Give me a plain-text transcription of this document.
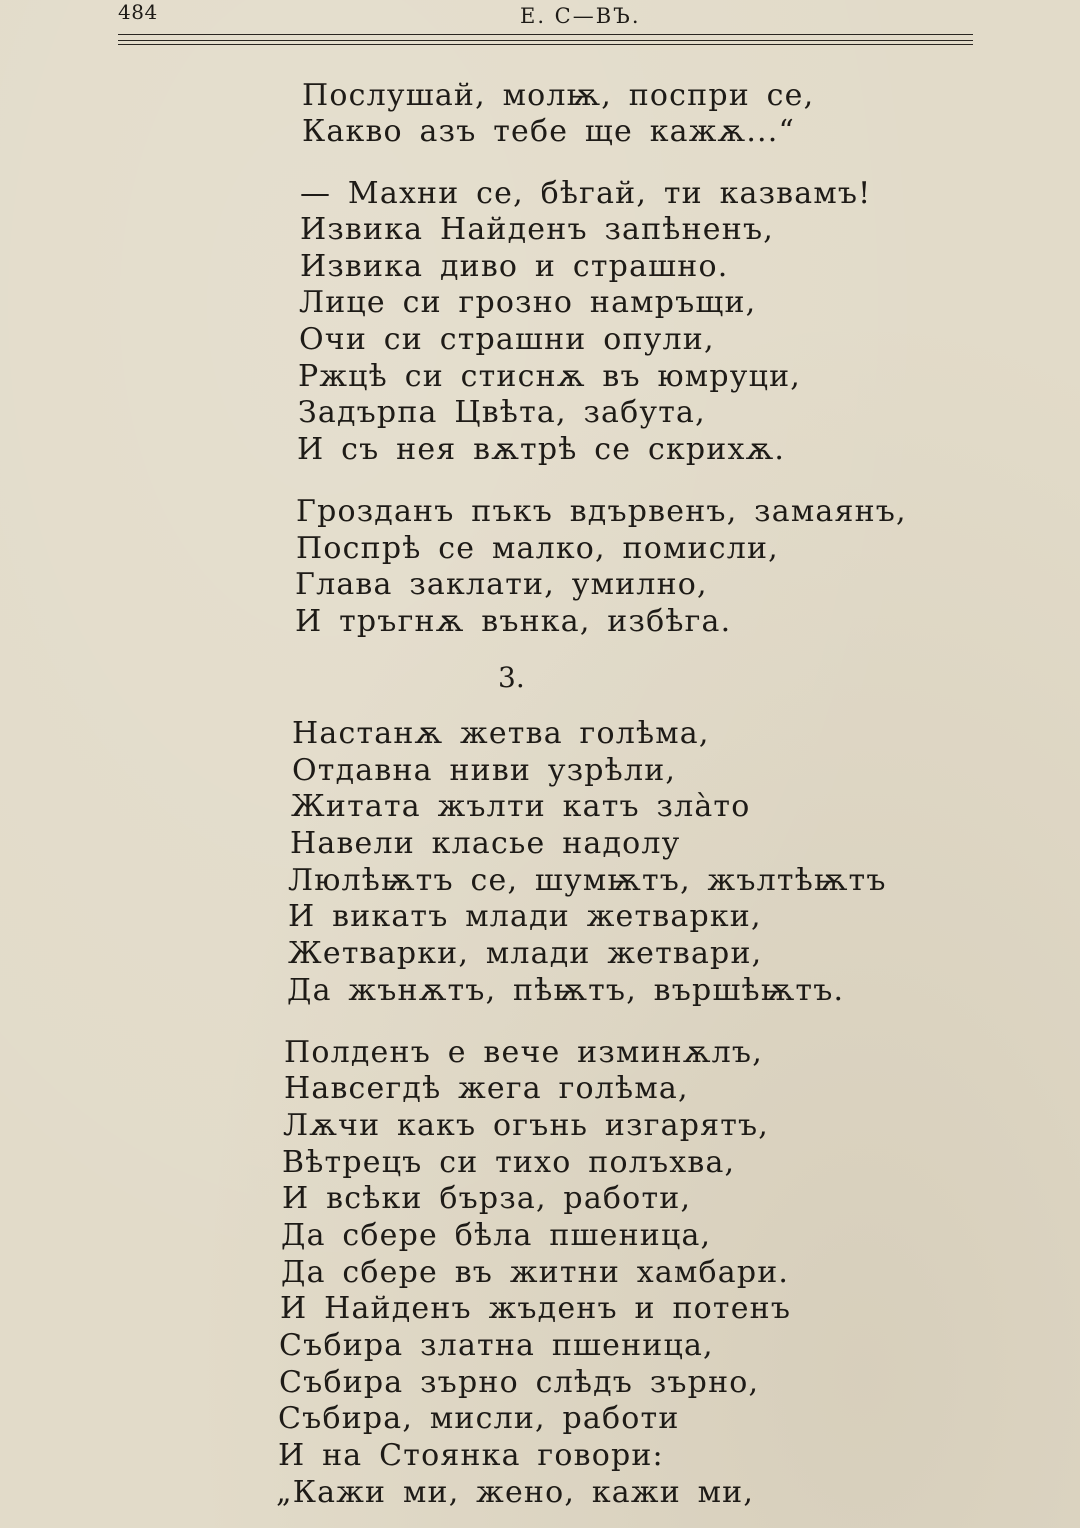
484	Е. С—ВЪ.
Послушай, молѭ, поспри се,
Какво азъ тебе ще кажѫ...“
— Махни се, бѣгай, ти казвамъ!
Извика Найденъ запѣненъ,
Извика диво и страшно.
Лице си грозно намръщи,
Очи си страшни опули,
Ржцѣ си стиснѫ въ юмруци,
Задърпа Цвѣта, забута,
И съ нея вѫтрѣ се скрихѫ.
Грозданъ пъкъ вдървенъ, замаянъ,
Поспрѣ се малко, помисли,
Глава заклати, умилно,
И тръгнѫ вънка, избѣга.
3.
Настанѫ жетва голѣма,
Отдавна ниви узрѣли,
Житата жълти катъ злàто
Навели класье надолу
Люлѣѭтъ се, шумѭтъ, жълтѣѭтъ
И викатъ млади жетварки,
Жетварки, млади жетвари,
Да жънѫтъ, пѣѭтъ, вършѣѭтъ.
Полденъ е вече изминѫлъ,
Навсегдѣ жега голѣма,
Лѫчи какъ огънь изгарятъ,
Вѣтрецъ си тихо полъхва,
И всѣки бърза, работи,
Да сбере бѣла пшеница,
Да сбере въ житни хамбари.
И Найденъ жъденъ и потенъ
Събира златна пшеница,
Събира зърно слѣдъ зърно,
Събира, мисли, работи
И на Стоянка говори:
„Кажи ми, жено, кажи ми,
